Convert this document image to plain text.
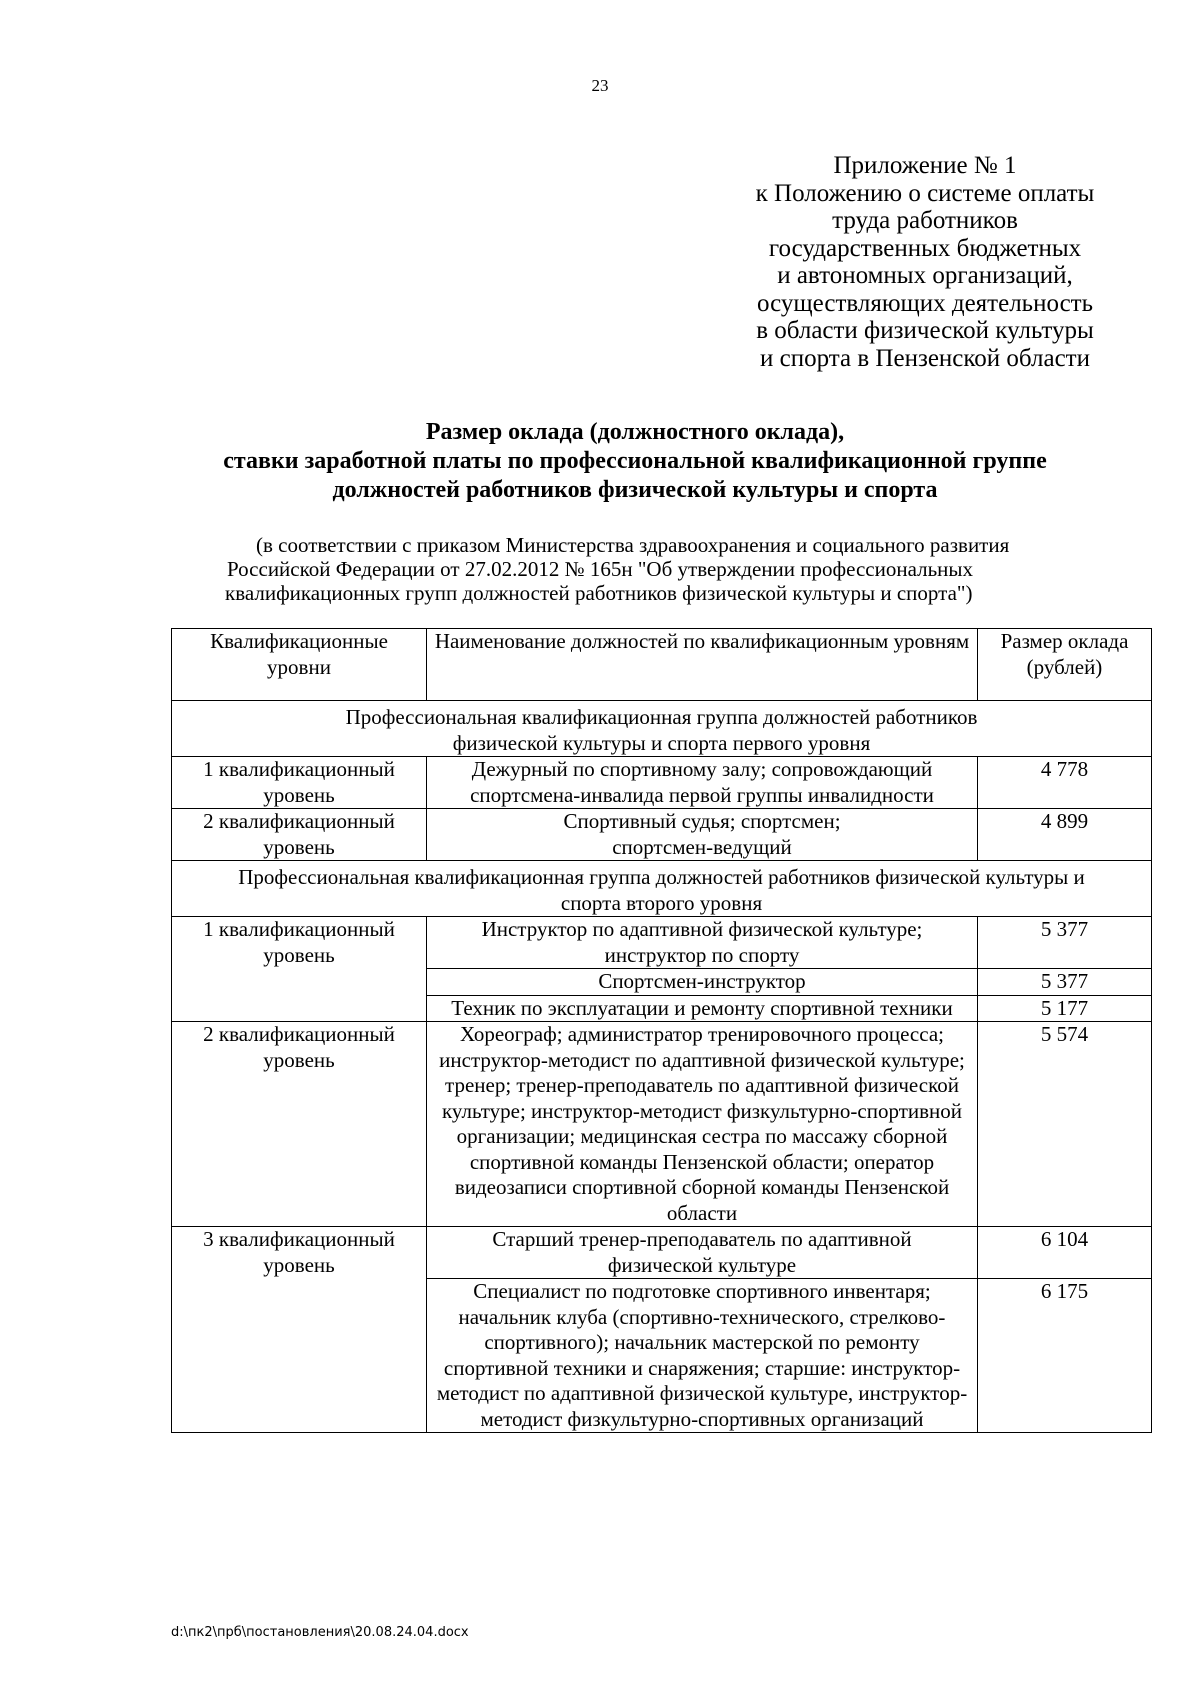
23
Приложение № 1
к Положению о системе оплаты
труда работников
государственных бюджетных
и автономных организаций,
осуществляющих деятельность
в области физической культуры
и спорта в Пензенской области
Размер оклада (должностного оклада),
ставки заработной платы по профессиональной квалификационной группе
должностей работников физической культуры и спорта
(в соответствии с приказом Министерства здравоохранения и социального развития
Российской Федерации от 27.02.2012 № 165н "Об утверждении профессиональных
квалификационных групп должностей работников физической культуры и спорта")
Квалификационные уровни	Наименование должностей по квалификационным уровням	Размер оклада (рублей)
Профессиональная квалификационная группа должностей работников физической культуры и спорта первого уровня		
1 квалификационный уровень	Дежурный по спортивному залу; сопровождающий спортсмена-инвалида первой группы инвалидности	4 778
2 квалификационный уровень	Спортивный судья; спортсмен; спортсмен-ведущий	4 899
Профессиональная квалификационная группа должностей работников физической культуры и спорта второго уровня		
1 квалификационный уровень	Инструктор по адаптивной физической культуре; инструктор по спорту	5 377
	Спортсмен-инструктор	5 377
	Техник по эксплуатации и ремонту спортивной техники	5 177
2 квалификационный уровень	Хореограф; администратор тренировочного процесса; инструктор-методист по адаптивной физической культуре; тренер; тренер-преподаватель по адаптивной физической культуре; инструктор-методист физкультурно-спортивной организации; медицинская сестра по массажу сборной спортивной команды Пензенской области; оператор видеозаписи спортивной сборной команды Пензенской области	5 574
3 квалификационный уровень	Старший тренер-преподаватель по адаптивной физической культуре	6 104
	Специалист по подготовке спортивного инвентаря; начальник клуба (спортивно-технического, стрелково-спортивного); начальник мастерской по ремонту спортивной техники и снаряжения; старшие: инструктор-методист по адаптивной физической культуре, инструктор-методист физкультурно-спортивных организаций	6 175
d:\пк2\прб\постановления\20.08.24.04.docx
